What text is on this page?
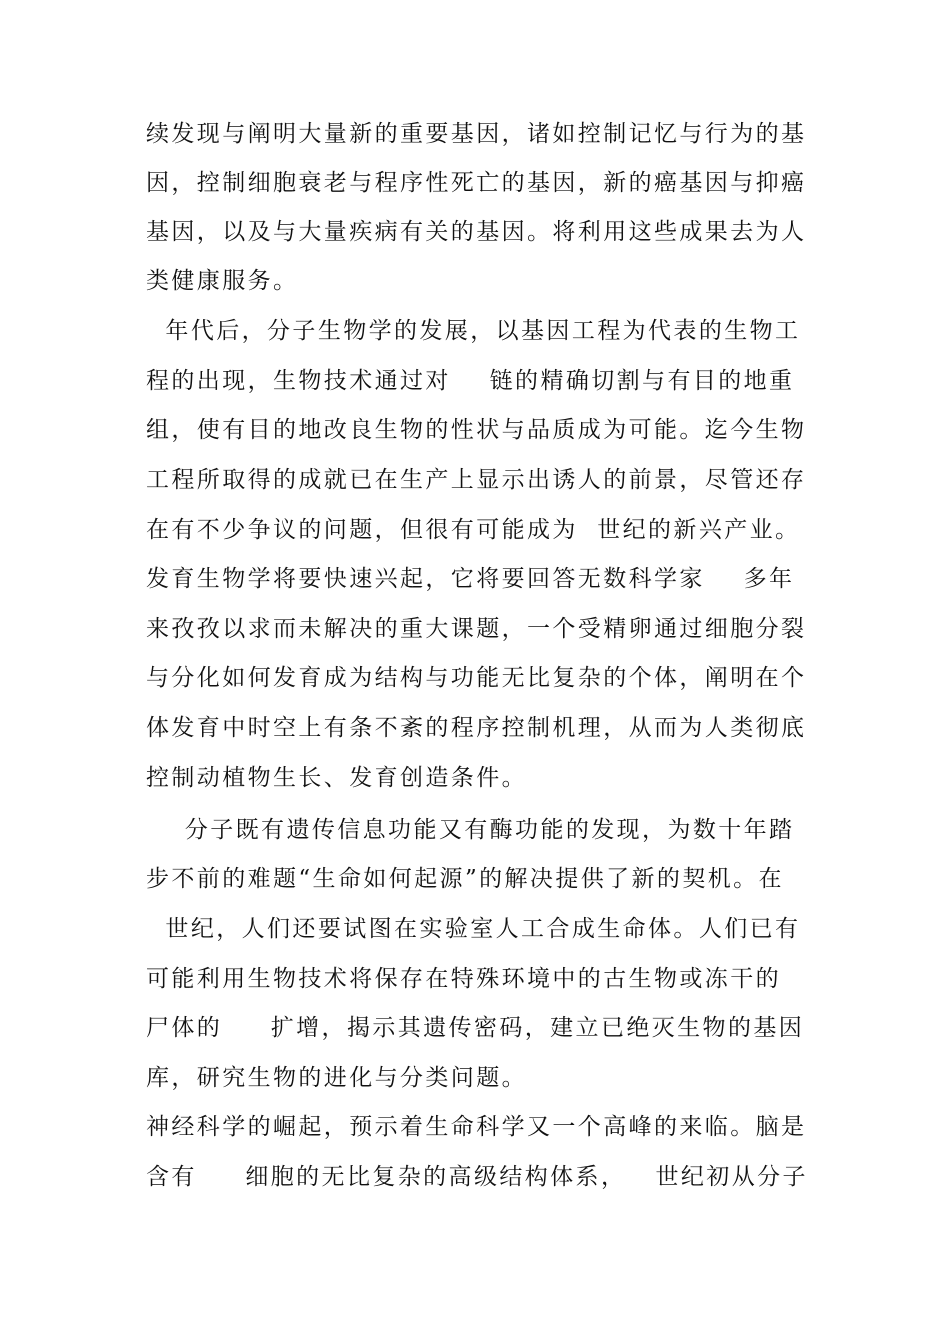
续发现与阐明大量新的重要基因，诸如控制记忆与行为的基

因，控制细胞衰老与程序性死亡的基因，新的癌基因与抑癌

基因，以及与大量疾病有关的基因。将利用这些成果去为人

类健康服务。

年代后，分子生物学的发展，以基因工程为代表的生物工

程的出现，生物技术通过对    链的精确切割与有目的地重

组，使有目的地改良生物的性状与品质成为可能。迄今生物

工程所取得的成就已在生产上显示出诱人的前景，尽管还存

在有不少争议的问题，但很有可能成为  世纪的新兴产业。

发育生物学将要快速兴起，它将要回答无数科学家    多年

来孜孜以求而未解决的重大课题，一个受精卵通过细胞分裂

与分化如何发育成为结构与功能无比复杂的个体，阐明在个

体发育中时空上有条不紊的程序控制机理，从而为人类彻底

控制动植物生长、发育创造条件。

分子既有遗传信息功能又有酶功能的发现，为数十年踏

步不前的难题“生命如何起源”的解决提供了新的契机。在

世纪，人们还要试图在实验室人工合成生命体。人们已有

可能利用生物技术将保存在特殊环境中的古生物或冻干的

尸体的     扩增，揭示其遗传密码，建立已绝灭生物的基因

库，研究生物的进化与分类问题。

神经科学的崛起，预示着生命科学又一个高峰的来临。脑是

含有     细胞的无比复杂的高级结构体系，   世纪初从分子
